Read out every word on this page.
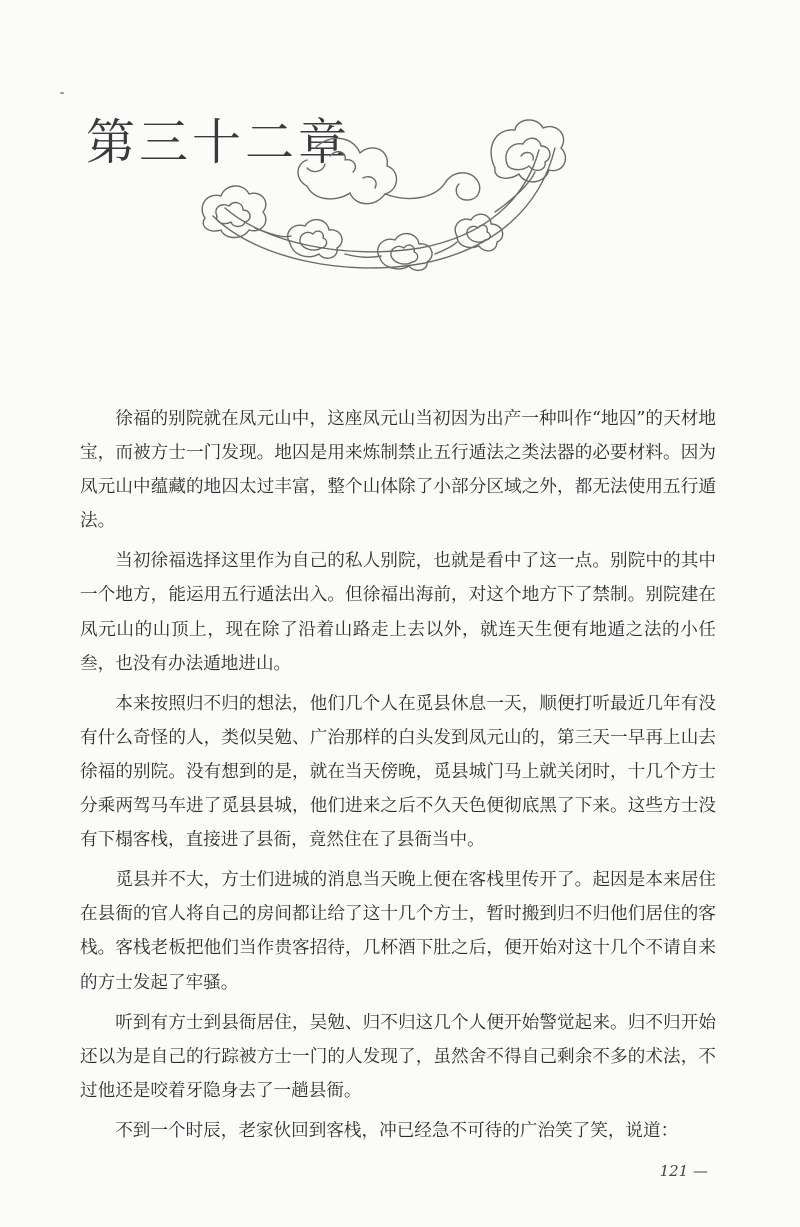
第三十二章

徐福的别院就在凤元山中，这座凤元山当初因为出产一种叫作“地囚”的天材地宝，而被方士一门发现。地囚是用来炼制禁止五行遁法之类法器的必要材料。因为凤元山中蕴藏的地囚太过丰富，整个山体除了小部分区域之外，都无法使用五行遁法。

当初徐福选择这里作为自己的私人别院，也就是看中了这一点。别院中的其中一个地方，能运用五行遁法出入。但徐福出海前，对这个地方下了禁制。别院建在凤元山的山顶上，现在除了沿着山路走上去以外，就连天生便有地遁之法的小任叁，也没有办法遁地进山。

本来按照归不归的想法，他们几个人在觅县休息一天，顺便打听最近几年有没有什么奇怪的人，类似吴勉、广治那样的白头发到凤元山的，第三天一早再上山去徐福的别院。没有想到的是，就在当天傍晚，觅县城门马上就关闭时，十几个方士分乘两驾马车进了觅县县城，他们进来之后不久天色便彻底黑了下来。这些方士没有下榻客栈，直接进了县衙，竟然住在了县衙当中。

觅县并不大，方士们进城的消息当天晚上便在客栈里传开了。起因是本来居住在县衙的官人将自己的房间都让给了这十几个方士，暂时搬到归不归他们居住的客栈。客栈老板把他们当作贵客招待，几杯酒下肚之后，便开始对这十几个不请自来的方士发起了牢骚。

听到有方士到县衙居住，吴勉、归不归这几个人便开始警觉起来。归不归开始还以为是自己的行踪被方士一门的人发现了，虽然舍不得自己剩余不多的术法，不过他还是咬着牙隐身去了一趟县衙。

不到一个时辰，老家伙回到客栈，冲已经急不可待的广治笑了笑，说道：

121 —
